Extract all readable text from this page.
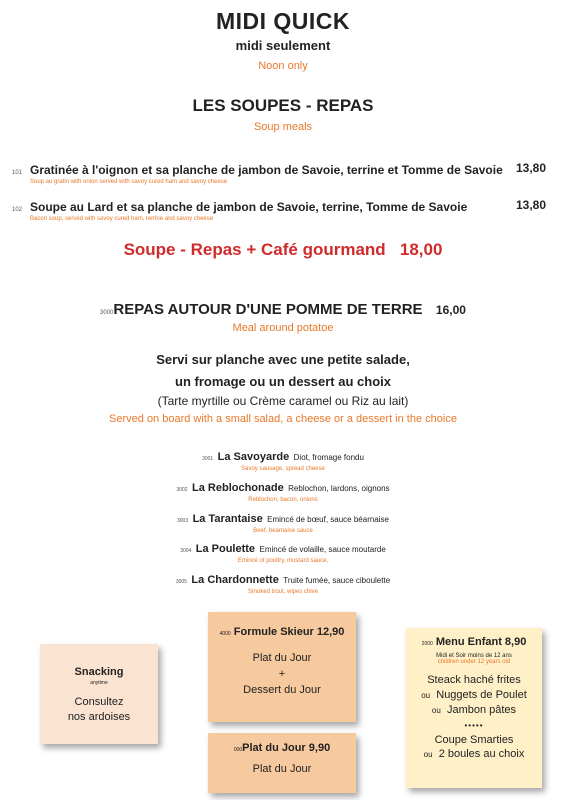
MIDI QUICK
midi seulement
Noon only
LES SOUPES - REPAS
Soup meals
101 Gratinée à l'oignon et sa planche de jambon de Savoie, terrine et Tomme de Savoie 13,80
Soup au gratin with onion served with savoy cured ham and savoy cheese
102 Soupe au Lard et sa planche de jambon de Savoie, terrine, Tomme de Savoie	13,80
Bacon soup, served with savoy cured ham, terrine and savoy cheese
Soupe - Repas + Café gourmand 18,00
3000REPAS AUTOUR D'UNE POMME DE TERRE 16,00
Meal around potatoe
Servi sur planche avec une petite salade,
un fromage ou un dessert au choix
(Tarte myrtille ou Crème caramel ou Riz au lait)
Served on board with a small salad, a cheese or a dessert in the choice
3001 La Savoyarde Diot, fromage fondu
Savoy sausage, spread cheese
3002 La Reblochonade Reblochon, lardons, oignons
Reblochon, bacon, onions
3003 La Tarantaise Emincé de bœuf, sauce béarnaise
Beef, bearnaise sauce
3004 La Poulette Emincé de volaille, sauce moutarde
Emincé of poultry, mustard sauce,
3005 La Chardonnette Truite fumée, sauce ciboulette
Smoked trout, wipes chive
Snacking
anytime
Consultez
nos ardoises
4000 Formule Skieur 12,90
Plat du Jour
+
Dessert du Jour
000Plat du Jour 9,90
Plat du Jour
2000 Menu Enfant 8,90
Midi et Soir moins de 12 ans
children under 12 years old
Steack haché frites
ou Nuggets de Poulet
ou Jambon pâtes
•••••
Coupe Smarties
ou 2 boules au choix
